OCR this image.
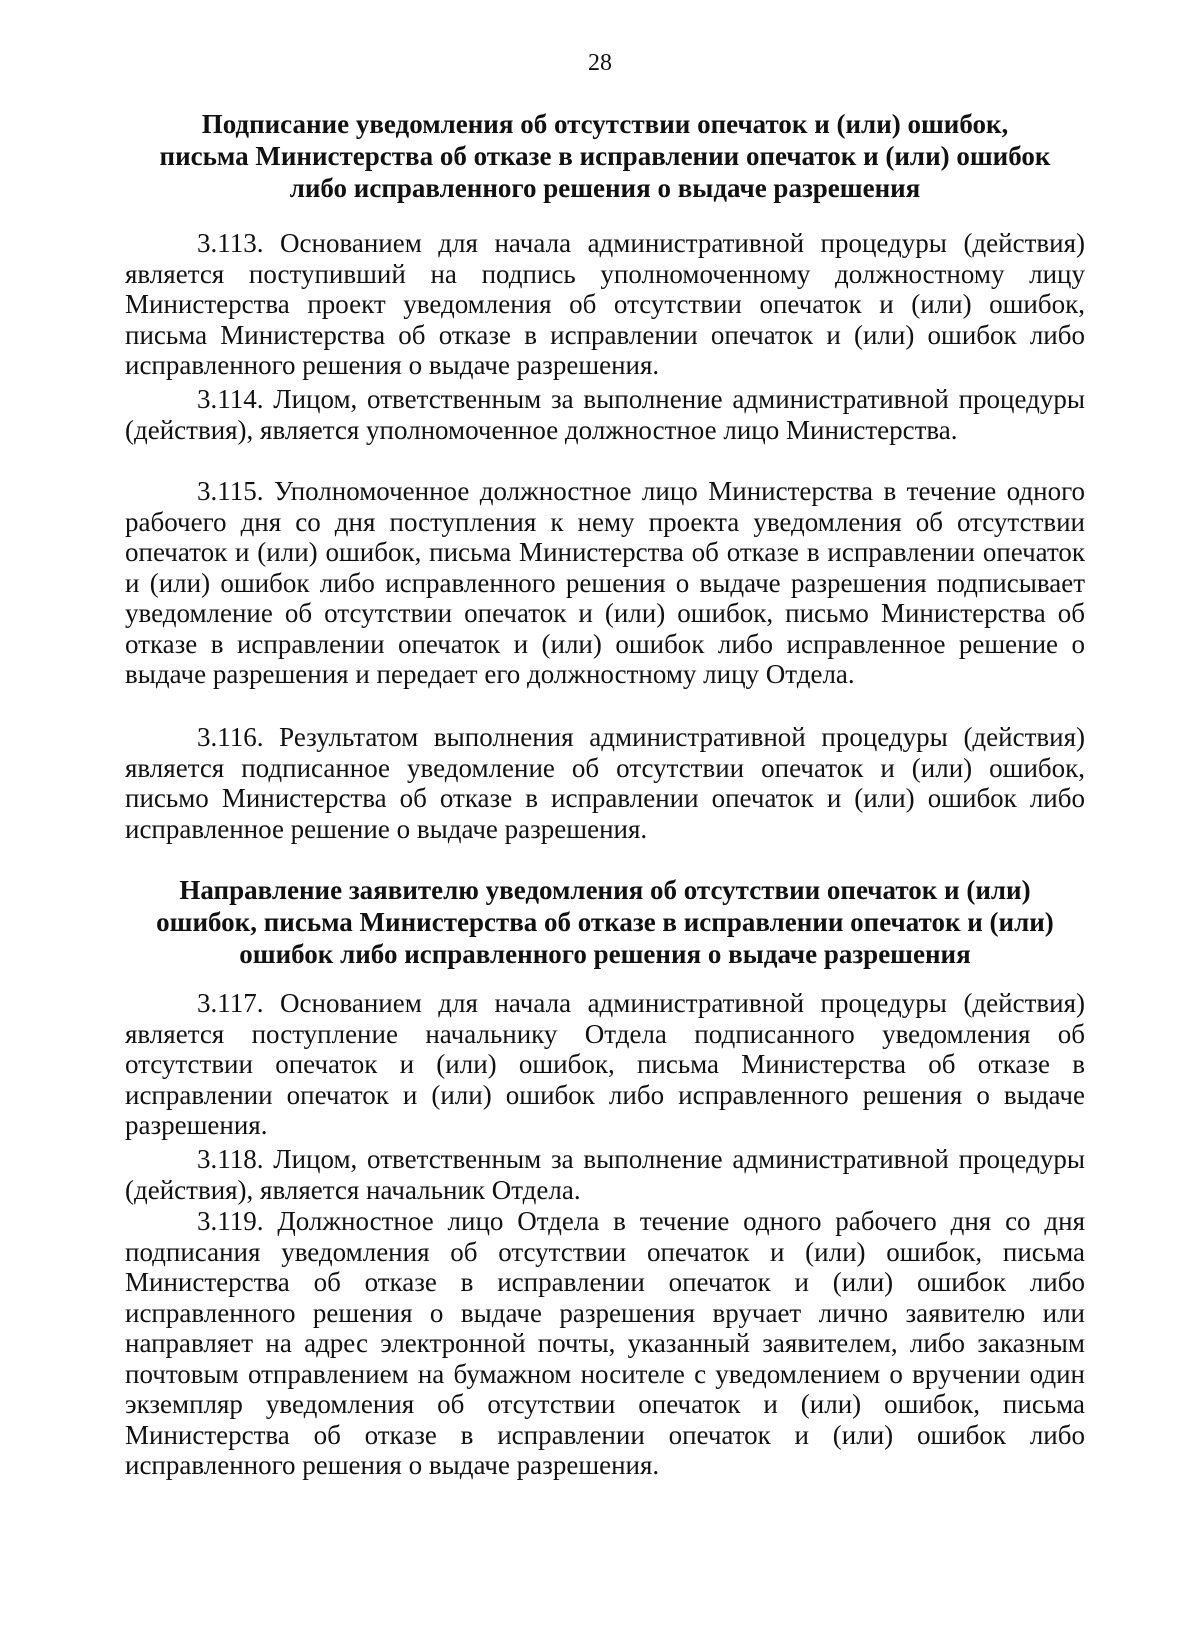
28
Подписание уведомления об отсутствии опечаток и (или) ошибок,
письма Министерства об отказе в исправлении опечаток и (или) ошибок
либо исправленного решения о выдаче разрешения

3.113. Основанием для начала административной процедуры (действия) является поступивший на подпись уполномоченному должностному лицу Министерства проект уведомления об отсутствии опечаток и (или) ошибок, письма Министерства об отказе в исправлении опечаток и (или) ошибок либо исправленного решения о выдаче разрешения.

3.114. Лицом, ответственным за выполнение административной процедуры (действия), является уполномоченное должностное лицо Министерства.

3.115. Уполномоченное должностное лицо Министерства в течение одного рабочего дня со дня поступления к нему проекта уведомления об отсутствии опечаток и (или) ошибок, письма Министерства об отказе в исправлении опечаток и (или) ошибок либо исправленного решения о выдаче разрешения подписывает уведомление об отсутствии опечаток и (или) ошибок, письмо Министерства об отказе в исправлении опечаток и (или) ошибок либо исправленное решение о выдаче разрешения и передает его должностному лицу Отдела.

3.116. Результатом выполнения административной процедуры (действия) является подписанное уведомление об отсутствии опечаток и (или) ошибок, письмо Министерства об отказе в исправлении опечаток и (или) ошибок либо исправленное решение о выдаче разрешения.

Направление заявителю уведомления об отсутствии опечаток и (или)
ошибок, письма Министерства об отказе в исправлении опечаток и (или)
ошибок либо исправленного решения о выдаче разрешения

3.117. Основанием для начала административной процедуры (действия) является поступление начальнику Отдела подписанного уведомления об отсутствии опечаток и (или) ошибок, письма Министерства об отказе в исправлении опечаток и (или) ошибок либо исправленного решения о выдаче разрешения.

3.118. Лицом, ответственным за выполнение административной процедуры (действия), является начальник Отдела.

3.119. Должностное лицо Отдела в течение одного рабочего дня со дня подписания уведомления об отсутствии опечаток и (или) ошибок, письма Министерства об отказе в исправлении опечаток и (или) ошибок либо исправленного решения о выдаче разрешения вручает лично заявителю или направляет на адрес электронной почты, указанный заявителем, либо заказным почтовым отправлением на бумажном носителе с уведомлением о вручении один экземпляр уведомления об отсутствии опечаток и (или) ошибок, письма Министерства об отказе в исправлении опечаток и (или) ошибок либо исправленного решения о выдаче разрешения.
